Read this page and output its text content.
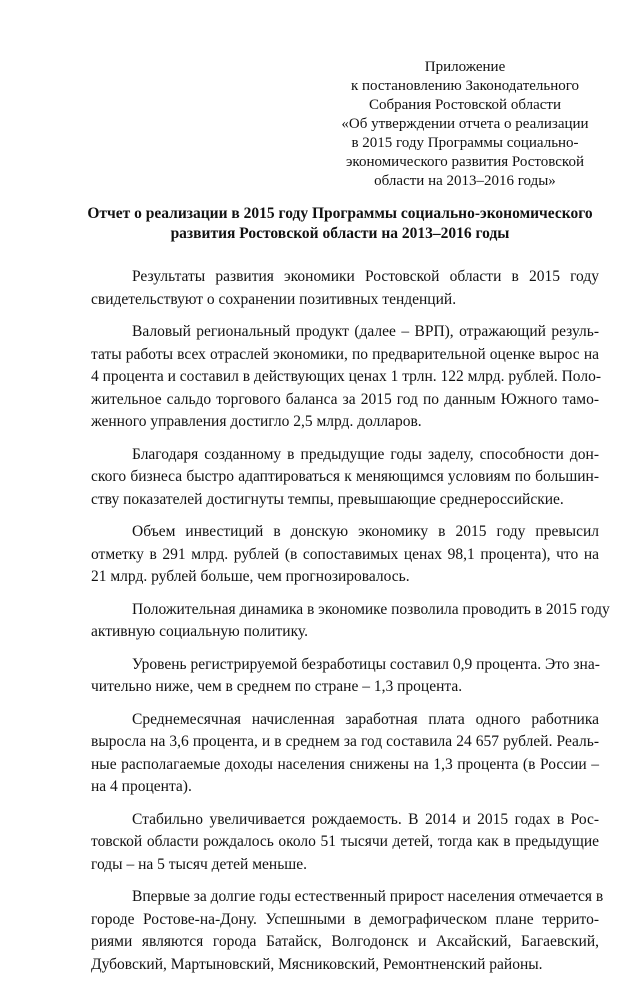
Приложение
к постановлению Законодательного
Собрания Ростовской области
«Об утверждении отчета о реализации
в 2015 году Программы социально-
экономического развития Ростовской
области на 2013–2016 годы»
Отчет о реализации в 2015 году Программы социально-экономического
развития Ростовской области на 2013–2016 годы
Результаты развития экономики Ростовской области в 2015 году
свидетельствуют о сохранении позитивных тенденций.
Валовый региональный продукт (далее – ВРП), отражающий резуль-
таты работы всех отраслей экономики, по предварительной оценке вырос на
4 процента и составил в действующих ценах 1 трлн. 122 млрд. рублей. Поло-
жительное сальдо торгового баланса за 2015 год по данным Южного тамо-
женного управления достигло 2,5 млрд. долларов.
Благодаря созданному в предыдущие годы заделу, способности дон-
ского бизнеса быстро адаптироваться к меняющимся условиям по большин-
ству показателей достигнуты темпы, превышающие среднероссийские.
Объем инвестиций в донскую экономику в 2015 году превысил
отметку в 291 млрд. рублей (в сопоставимых ценах 98,1 процента), что на
21 млрд. рублей больше, чем прогнозировалось.
Положительная динамика в экономике позволила проводить в 2015 году
активную социальную политику.
Уровень регистрируемой безработицы составил 0,9 процента. Это зна-
чительно ниже, чем в среднем по стране – 1,3 процента.
Среднемесячная начисленная заработная плата одного работника
выросла на 3,6 процента, и в среднем за год составила 24 657 рублей. Реаль-
ные располагаемые доходы населения снижены на 1,3 процента (в России –
на 4 процента).
Стабильно увеличивается рождаемость. В 2014 и 2015 годах в Рос-
товской области рождалось около 51 тысячи детей, тогда как в предыдущие
годы – на 5 тысяч детей меньше.
Впервые за долгие годы естественный прирост населения отмечается в
городе Ростове-на-Дону. Успешными в демографическом плане террито-
риями являются города Батайск, Волгодонск и Аксайский, Багаевский,
Дубовский, Мартыновский, Мясниковский, Ремонтненский районы.
